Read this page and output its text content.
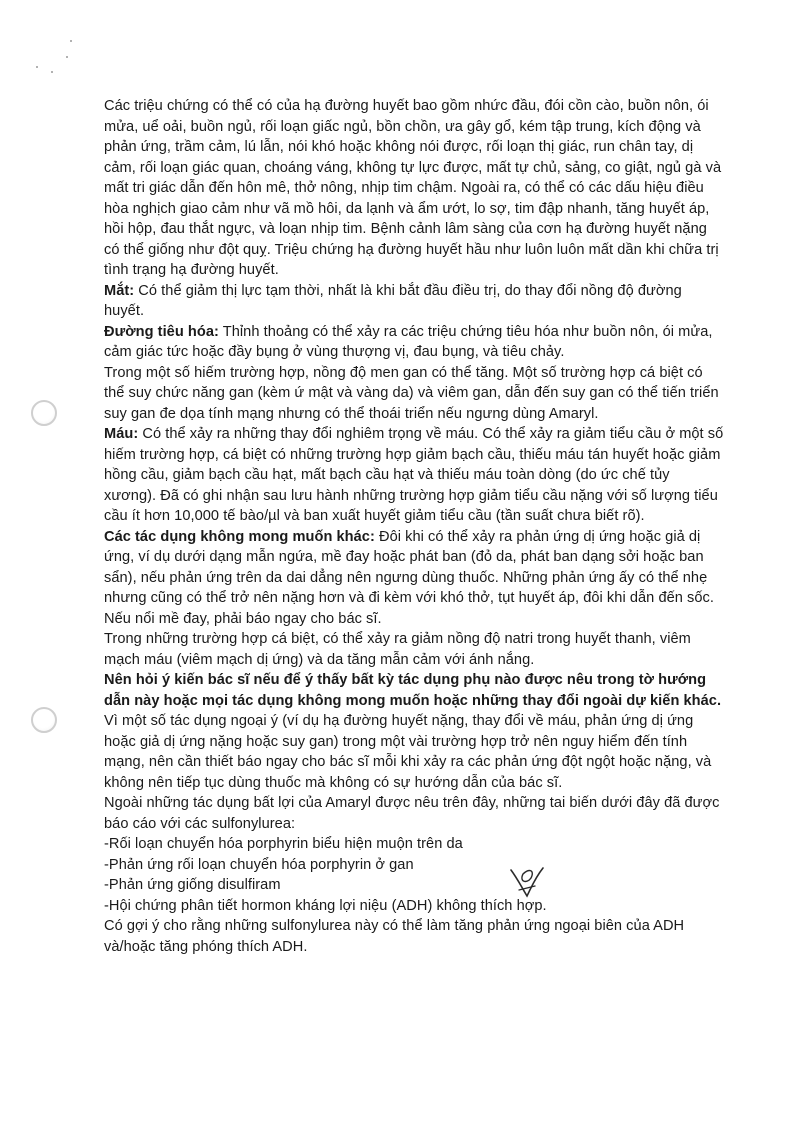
Các triệu chứng có thể có của hạ đường huyết bao gồm nhức đầu, đói cồn cào, buồn nôn, ói mửa, uể oải, buồn ngủ, rối loạn giấc ngủ, bồn chồn, ưa gây gổ, kém tập trung, kích động và phản ứng, trầm cảm, lú lẫn, nói khó hoặc không nói được, rối loạn thị giác, run chân tay, dị cảm, rối loạn giác quan, choáng váng, không tự lực được, mất tự chủ, sảng, co giật, ngủ gà và mất tri giác dẫn đến hôn mê, thở nông, nhịp tim chậm. Ngoài ra, có thể có các dấu hiệu điều hòa nghịch giao cảm như vã mồ hôi, da lạnh và ẩm ướt, lo sợ, tim đập nhanh, tăng huyết áp, hồi hộp, đau thắt ngực, và loạn nhịp tim. Bệnh cảnh lâm sàng của cơn hạ đường huyết nặng có thể giống như đột quỵ. Triệu chứng hạ đường huyết hầu như luôn luôn mất dần khi chữa trị tình trạng hạ đường huyết.

Mắt: Có thể giảm thị lực tạm thời, nhất là khi bắt đầu điều trị, do thay đổi nồng độ đường huyết.

Đường tiêu hóa: Thỉnh thoảng có thể xảy ra các triệu chứng tiêu hóa như buồn nôn, ói mửa, cảm giác tức hoặc đầy bụng ở vùng thượng vị, đau bụng, và tiêu chảy.

Trong một số hiếm trường hợp, nồng độ men gan có thể tăng. Một số trường hợp cá biệt có thể suy chức năng gan (kèm ứ mật và vàng da) và viêm gan, dẫn đến suy gan có thể tiến triển suy gan đe dọa tính mạng nhưng có thể thoái triển nếu ngưng dùng Amaryl.

Máu: Có thể xảy ra những thay đổi nghiêm trọng về máu. Có thể xảy ra giảm tiểu cầu ở một số hiếm trường hợp, cá biệt có những trường hợp giảm bạch cầu, thiếu máu tán huyết hoặc giảm hồng cầu, giảm bạch cầu hạt, mất bạch cầu hạt và thiếu máu toàn dòng (do ức chế tủy xương). Đã có ghi nhận sau lưu hành những trường hợp giảm tiểu cầu nặng với số lượng tiểu cầu ít hơn 10,000 tế bào/µl và ban xuất huyết giảm tiểu cầu (tần suất chưa biết rõ).

Các tác dụng không mong muốn khác: Đôi khi có thể xảy ra phản ứng dị ứng hoặc giả dị ứng, ví dụ dưới dạng mẫn ngứa, mề đay hoặc phát ban (đỏ da, phát ban dạng sởi hoặc ban sẩn), nếu phản ứng trên da dai dẳng nên ngưng dùng thuốc. Những phản ứng ấy có thể nhẹ nhưng cũng có thể trở nên nặng hơn và đi kèm với khó thở, tụt huyết áp, đôi khi dẫn đến sốc. Nếu nổi mề đay, phải báo ngay cho bác sĩ.

Trong những trường hợp cá biệt, có thể xảy ra giảm nồng độ natri trong huyết thanh, viêm mạch máu (viêm mạch dị ứng) và da tăng mẫn cảm với ánh nắng.

Nên hỏi ý kiến bác sĩ nếu để ý thấy bất kỳ tác dụng phụ nào được nêu trong tờ hướng dẫn này hoặc mọi tác dụng không mong muốn hoặc những thay đổi ngoài dự kiến khác.

Vì một số tác dụng ngoại ý (ví dụ hạ đường huyết nặng, thay đổi về máu, phản ứng dị ứng hoặc giả dị ứng nặng hoặc suy gan) trong một vài trường hợp trở nên nguy hiểm đến tính mạng, nên cần thiết báo ngay cho bác sĩ mỗi khi xảy ra các phản ứng đột ngột hoặc nặng, và không nên tiếp tục dùng thuốc mà không có sự hướng dẫn của bác sĩ.

Ngoài những tác dụng bất lợi của Amaryl được nêu trên đây, những tai biến dưới đây đã được báo cáo với các sulfonylurea:

-Rối loạn chuyển hóa porphyrin biểu hiện muộn trên da

-Phản ứng rối loạn chuyển hóa porphyrin ở gan

-Phản ứng giống disulfiram

-Hội chứng phân tiết hormon kháng lợi niệu (ADH) không thích hợp.

Có gợi ý cho rằng những sulfonylurea này có thể làm tăng phản ứng ngoại biên của ADH và/hoặc tăng phóng thích ADH.
